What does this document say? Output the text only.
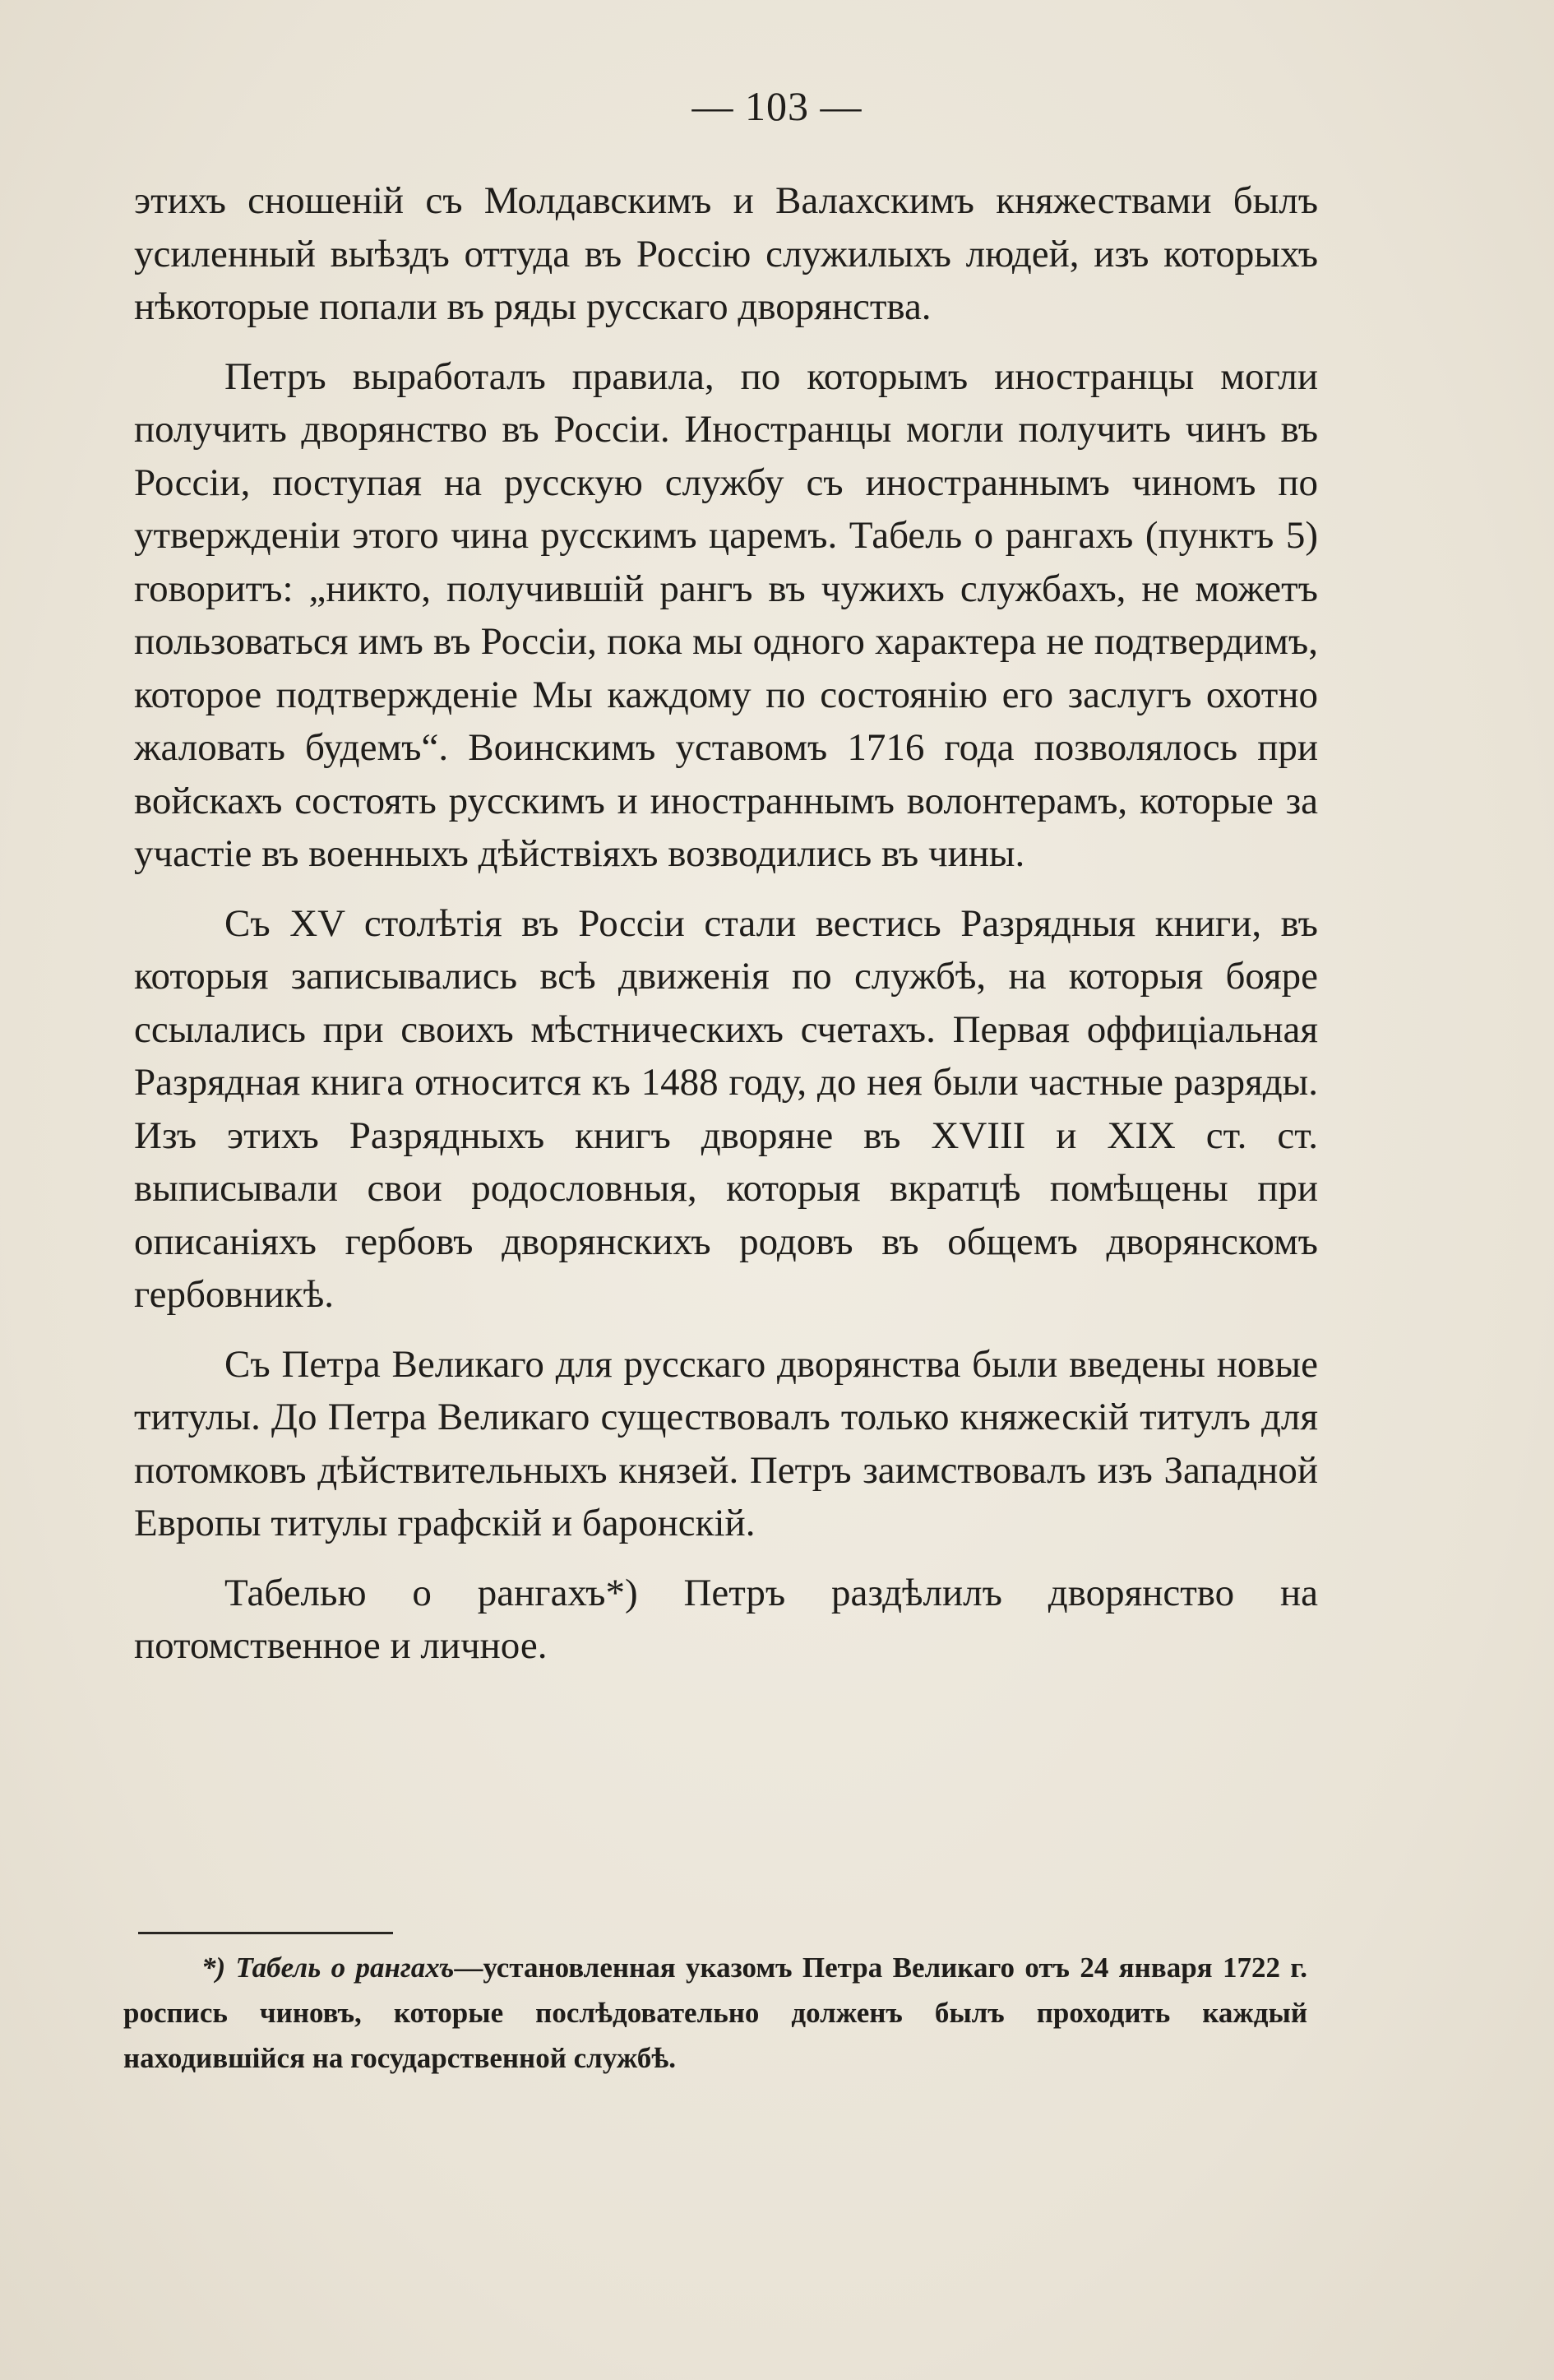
— 103 —

этихъ сношеній съ Молдавскимъ и Валахскимъ княжествами былъ усиленный выѣздъ оттуда въ Россію служилыхъ людей, изъ которыхъ нѣкоторые попали въ ряды русскаго дворянства.

Петръ выработалъ правила, по которымъ иностранцы могли получить дворянство въ Россіи. Иностранцы могли получить чинъ въ Россіи, поступая на русскую службу съ иностраннымъ чиномъ по утвержденіи этого чина русскимъ царемъ. Табель о рангахъ (пунктъ 5) говоритъ: „никто, получившій рангъ въ чужихъ службахъ, не можетъ пользоваться имъ въ Россіи, пока мы одного характера не подтвердимъ, которое подтвержденіе Мы каждому по состоянію его заслугъ охотно жаловать будемъ“. Воинскимъ уставомъ 1716 года позволялось при войскахъ состоять русскимъ и иностраннымъ волонтерамъ, которые за участіе въ военныхъ дѣйствіяхъ возводились въ чины.

Съ XV столѣтія въ Россіи стали вестись Разрядныя книги, въ которыя записывались всѣ движенія по службѣ, на которыя бояре ссылались при своихъ мѣстническихъ счетахъ. Первая оффиціальная Разрядная книга относится къ 1488 году, до нея были частные разряды. Изъ этихъ Разрядныхъ книгъ дворяне въ XVIII и XIX ст. ст. выписывали свои родословныя, которыя вкратцѣ помѣщены при описаніяхъ гербовъ дворянскихъ родовъ въ общемъ дворянскомъ гербовникѣ.

Съ Петра Великаго для русскаго дворянства были введены новые титулы. До Петра Великаго существовалъ только княжескій титулъ для потомковъ дѣйствительныхъ князей. Петръ заимствовалъ изъ Западной Европы титулы графскій и баронскій.

Табелью о рангахъ*) Петръ раздѣлилъ дворянство на потомственное и личное.

*) Табель о рангахъ—установленная указомъ Петра Великаго отъ 24 января 1722 г. роспись чиновъ, которые послѣдовательно долженъ былъ проходить каждый находившійся на государственной службѣ.
